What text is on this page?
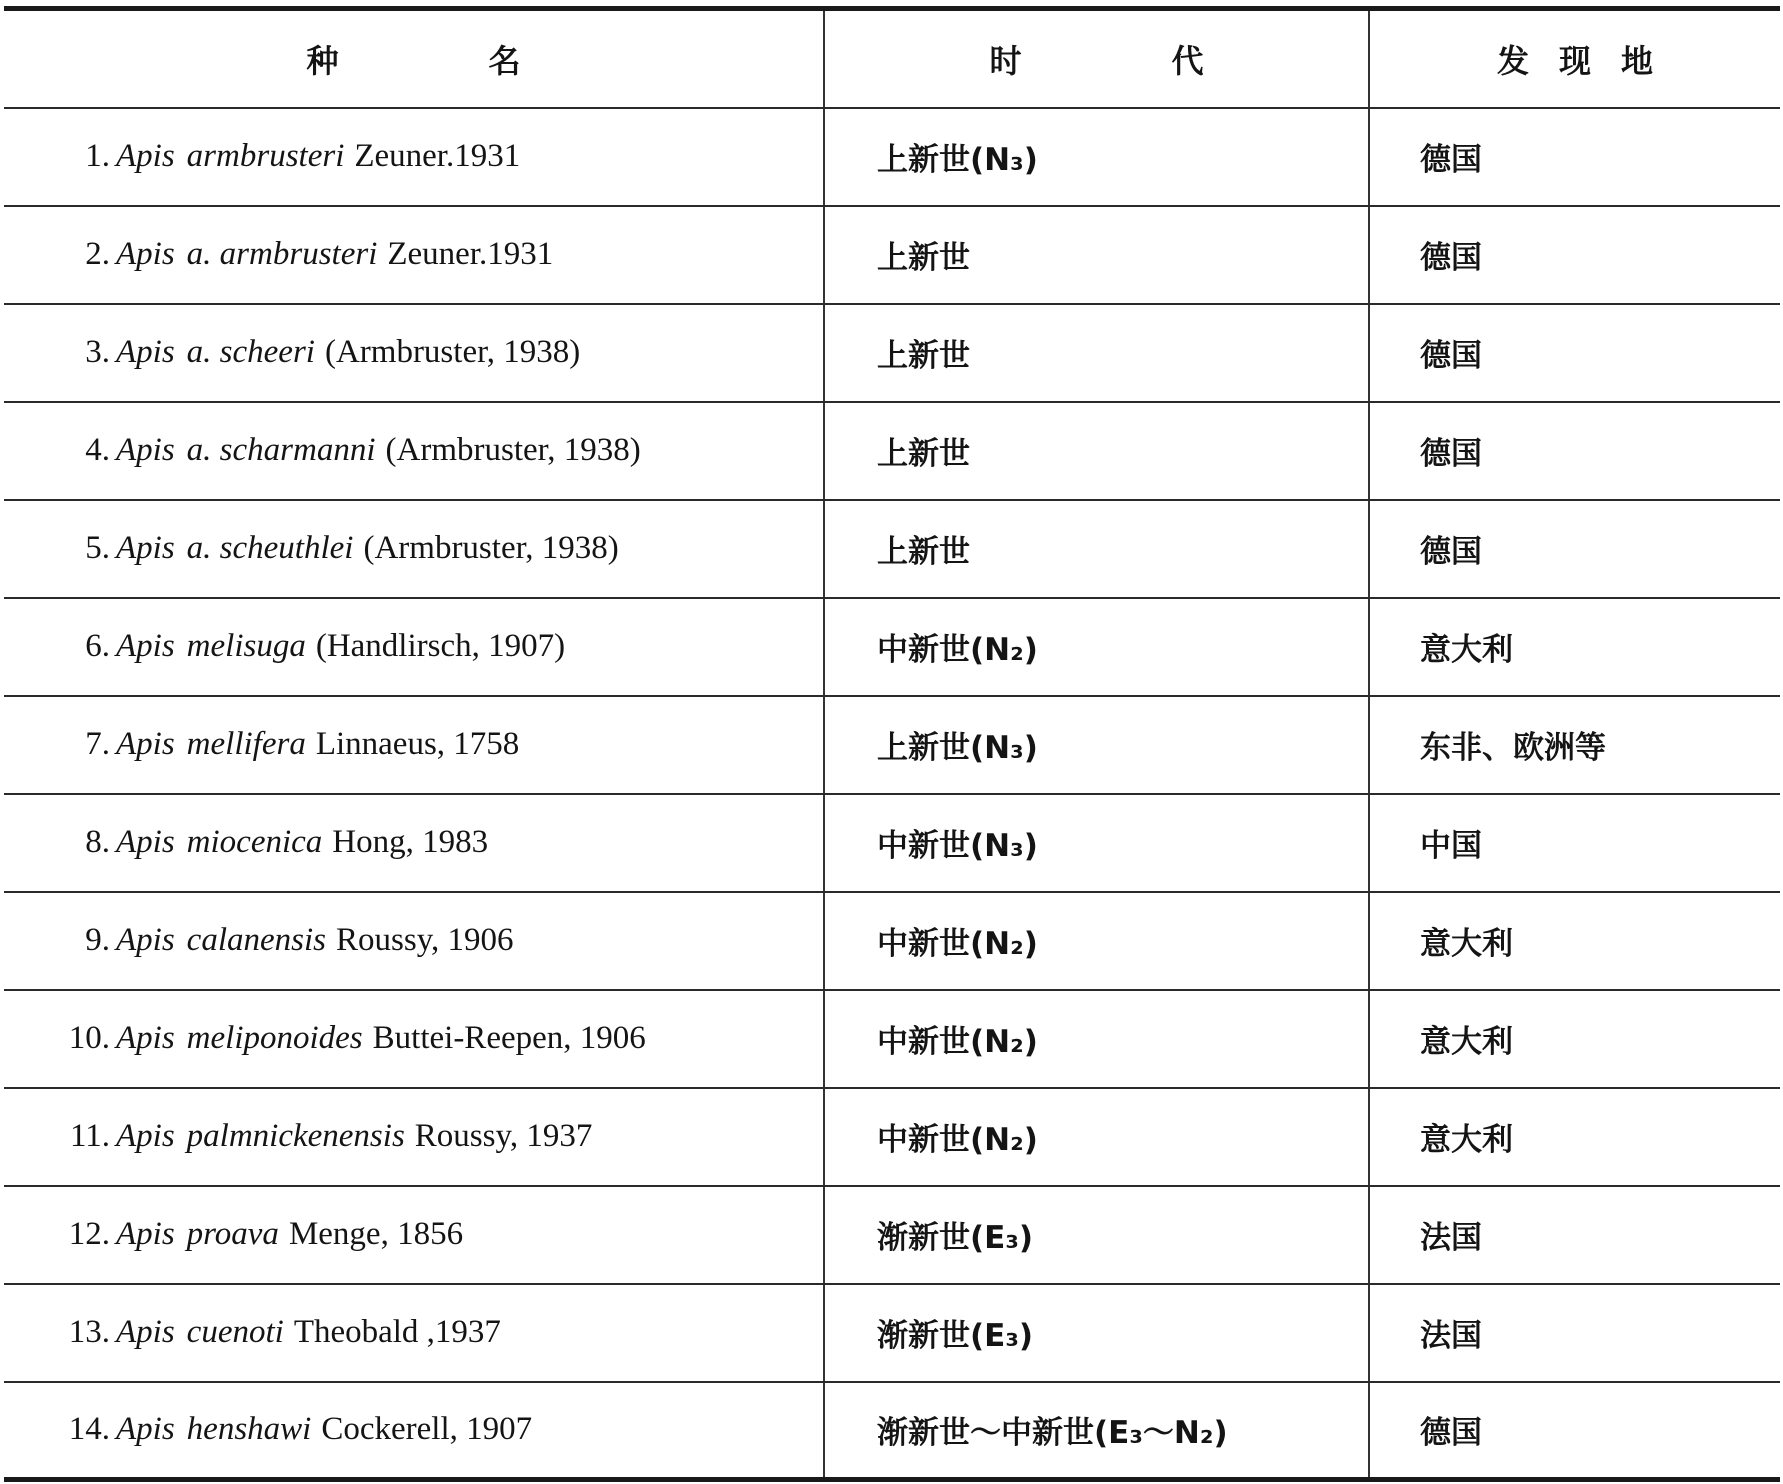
种名	时代	发现地
1. Apis armbrusteri Zeuner.1931	上新世(N₃)	德国
2. Apis a. armbrusteri Zeuner.1931	上新世	德国
3. Apis a. scheeri (Armbruster, 1938)	上新世	德国
4. Apis a. scharmanni (Armbruster, 1938)	上新世	德国
5. Apis a. scheuthlei (Armbruster, 1938)	上新世	德国
6. Apis melisuga (Handlirsch, 1907)	中新世(N₂)	意大利
7. Apis mellifera Linnaeus, 1758	上新世(N₃)	东非、欧洲等
8. Apis miocenica Hong, 1983	中新世(N₃)	中国
9. Apis calanensis Roussy, 1906	中新世(N₂)	意大利
10. Apis meliponoides Buttei-Reepen, 1906	中新世(N₂)	意大利
11. Apis palmnickenensis Roussy, 1937	中新世(N₂)	意大利
12. Apis proava Menge, 1856	渐新世(E₃)	法国
13. Apis cuenoti Theobald ,1937	渐新世(E₃)	法国
14. Apis henshawi Cockerell, 1907	渐新世～中新世(E₃～N₂)	德国
